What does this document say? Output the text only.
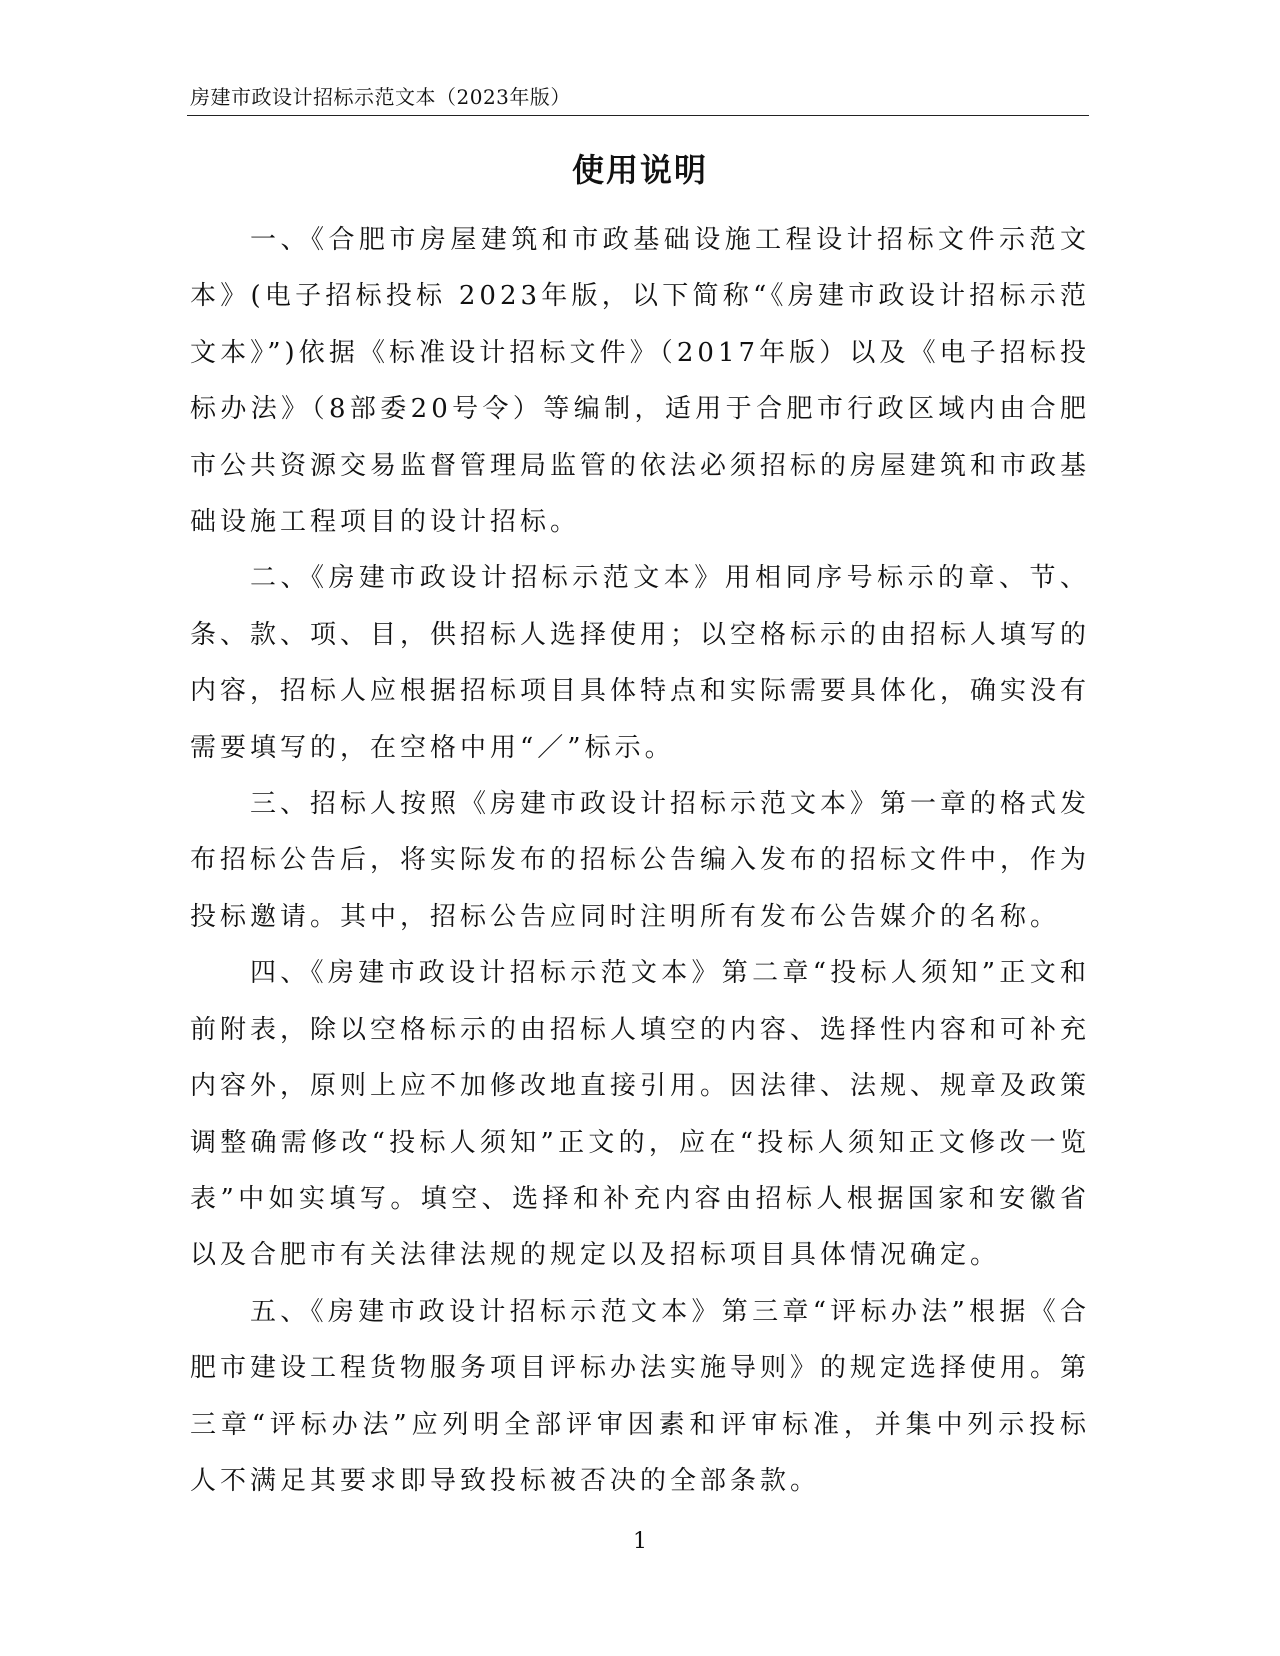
房建市政设计招标示范文本（2023年版）
使用说明

一、《合肥市房屋建筑和市政基础设施工程设计招标文件示范文本》(电子招标投标 2023年版，以下简称“《房建市政设计招标示范文本》”)依据《标准设计招标文件》（2017年版）以及《电子招标投标办法》（8部委20号令）等编制，适用于合肥市行政区域内由合肥市公共资源交易监督管理局监管的依法必须招标的房屋建筑和市政基础设施工程项目的设计招标。

二、《房建市政设计招标示范文本》用相同序号标示的章、节、条、款、项、目，供招标人选择使用；以空格标示的由招标人填写的内容，招标人应根据招标项目具体特点和实际需要具体化，确实没有需要填写的，在空格中用“／”标示。

三、招标人按照《房建市政设计招标示范文本》第一章的格式发布招标公告后，将实际发布的招标公告编入发布的招标文件中，作为投标邀请。其中，招标公告应同时注明所有发布公告媒介的名称。

四、《房建市政设计招标示范文本》第二章“投标人须知”正文和前附表，除以空格标示的由招标人填空的内容、选择性内容和可补充内容外，原则上应不加修改地直接引用。因法律、法规、规章及政策调整确需修改“投标人须知”正文的，应在“投标人须知正文修改一览表”中如实填写。填空、选择和补充内容由招标人根据国家和安徽省以及合肥市有关法律法规的规定以及招标项目具体情况确定。

五、《房建市政设计招标示范文本》第三章“评标办法”根据《合肥市建设工程货物服务项目评标办法实施导则》的规定选择使用。第三章“评标办法”应列明全部评审因素和评审标准，并集中列示投标人不满足其要求即导致投标被否决的全部条款。

1
